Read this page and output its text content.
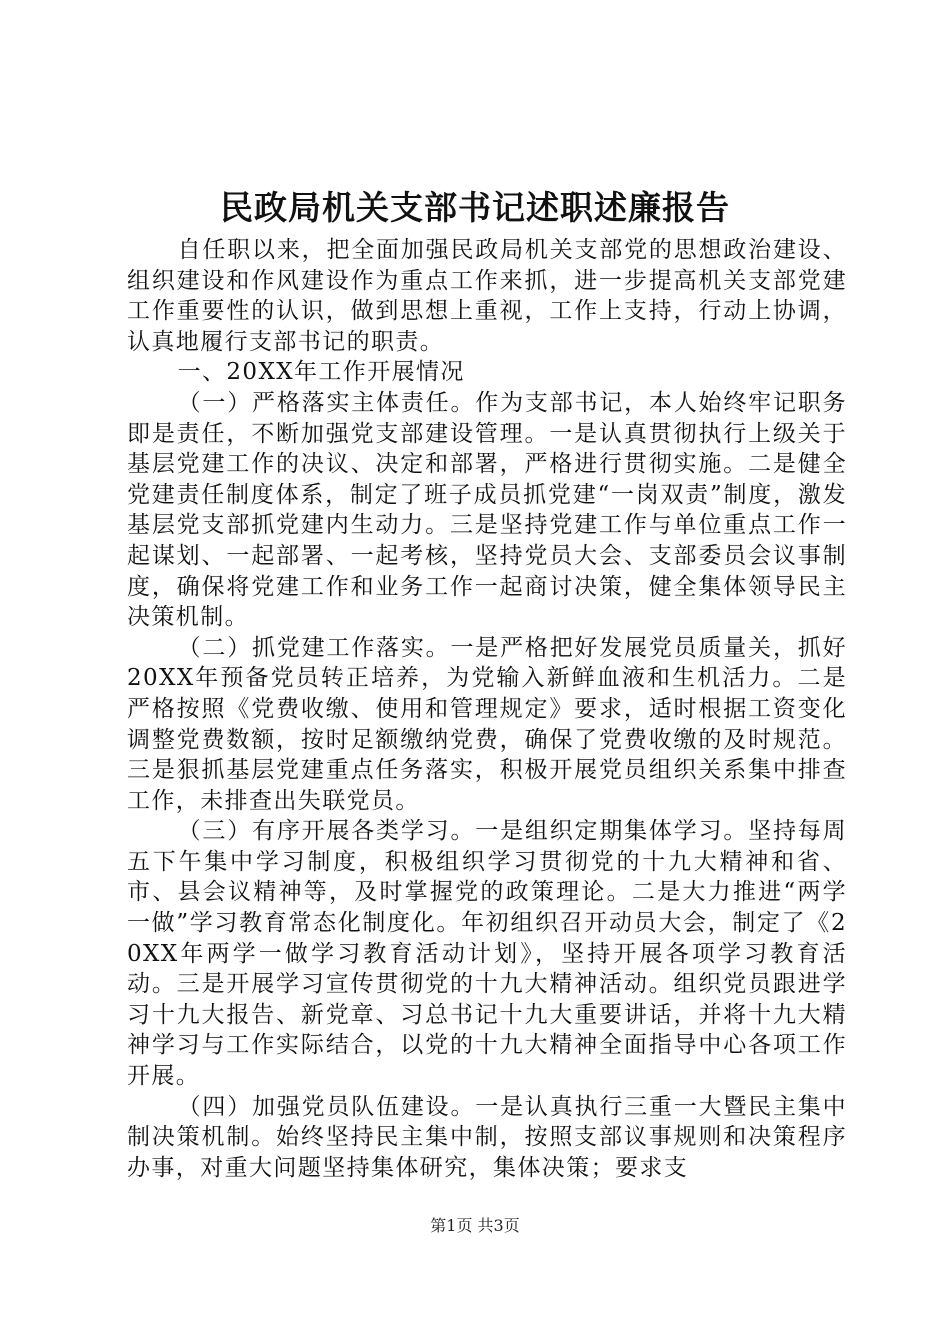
民政局机关支部书记述职述廉报告

自任职以来，把全面加强民政局机关支部党的思想政治建设、组织建设和作风建设作为重点工作来抓，进一步提高机关支部党建工作重要性的认识，做到思想上重视，工作上支持，行动上协调，认真地履行支部书记的职责。

一、20XX年工作开展情况

（一）严格落实主体责任。作为支部书记，本人始终牢记职务即是责任，不断加强党支部建设管理。一是认真贯彻执行上级关于基层党建工作的决议、决定和部署，严格进行贯彻实施。二是健全党建责任制度体系，制定了班子成员抓党建“一岗双责”制度，激发基层党支部抓党建内生动力。三是坚持党建工作与单位重点工作一起谋划、一起部署、一起考核，坚持党员大会、支部委员会议事制度，确保将党建工作和业务工作一起商讨决策，健全集体领导民主决策机制。

（二）抓党建工作落实。一是严格把好发展党员质量关，抓好20XX年预备党员转正培养，为党输入新鲜血液和生机活力。二是严格按照《党费收缴、使用和管理规定》要求，适时根据工资变化调整党费数额，按时足额缴纳党费，确保了党费收缴的及时规范。三是狠抓基层党建重点任务落实，积极开展党员组织关系集中排查工作，未排查出失联党员。

（三）有序开展各类学习。一是组织定期集体学习。坚持每周五下午集中学习制度，积极组织学习贯彻党的十九大精神和省、市、县会议精神等，及时掌握党的政策理论。二是大力推进“两学一做”学习教育常态化制度化。年初组织召开动员大会，制定了《20XX年两学一做学习教育活动计划》，坚持开展各项学习教育活动。三是开展学习宣传贯彻党的十九大精神活动。组织党员跟进学习十九大报告、新党章、习总书记十九大重要讲话，并将十九大精神学习与工作实际结合，以党的十九大精神全面指导中心各项工作开展。

（四）加强党员队伍建设。一是认真执行三重一大暨民主集中制决策机制。始终坚持民主集中制，按照支部议事规则和决策程序办事，对重大问题坚持集体研究，集体决策；要求支

第1页 共3页
